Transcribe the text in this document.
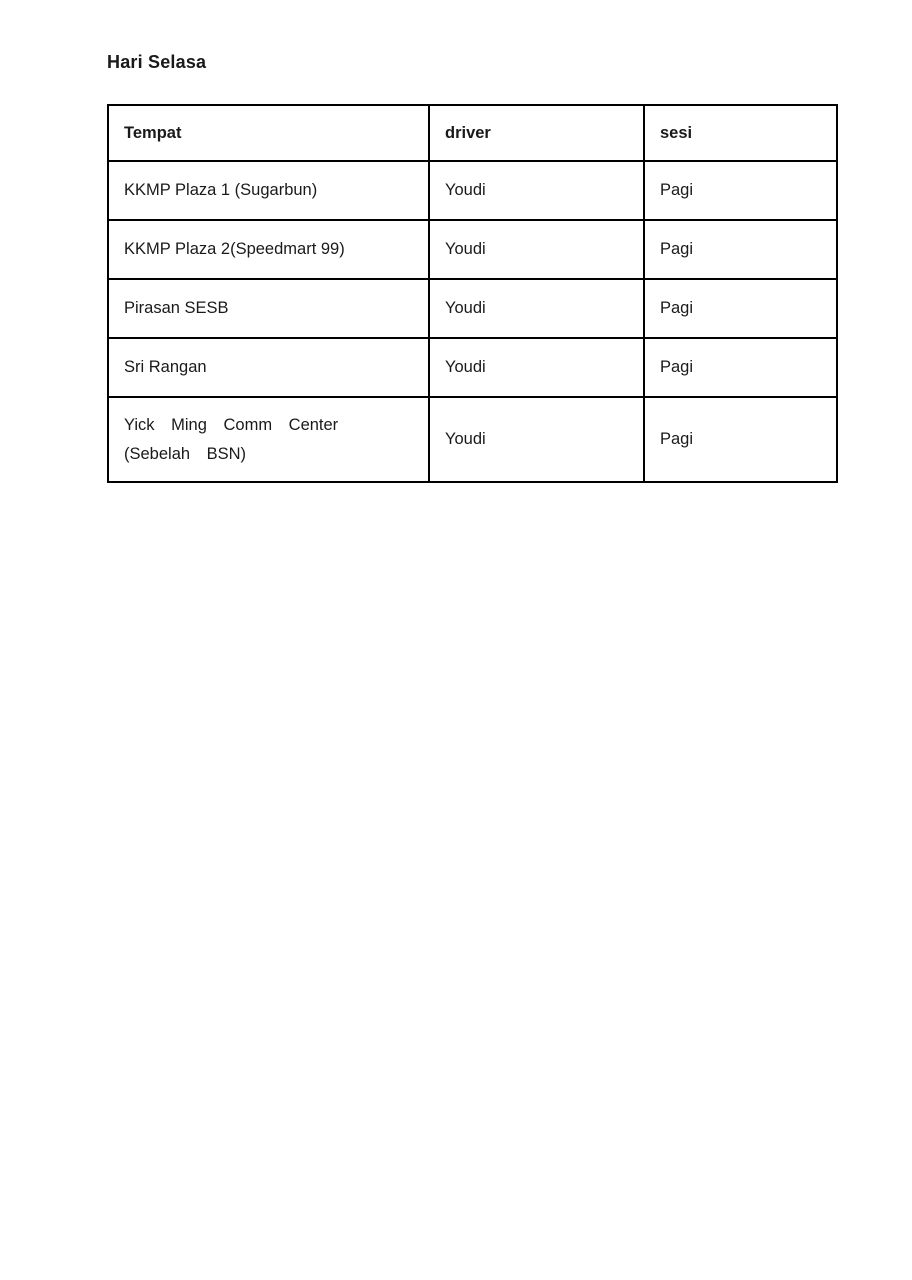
Hari Selasa
Tempat	driver	sesi
KKMP Plaza 1 (Sugarbun)	Youdi	Pagi
KKMP Plaza 2(Speedmart 99)	Youdi	Pagi
Pirasan SESB	Youdi	Pagi
Sri Rangan	Youdi	Pagi
Yick Ming Comm Center (Sebelah BSN)	Youdi	Pagi
